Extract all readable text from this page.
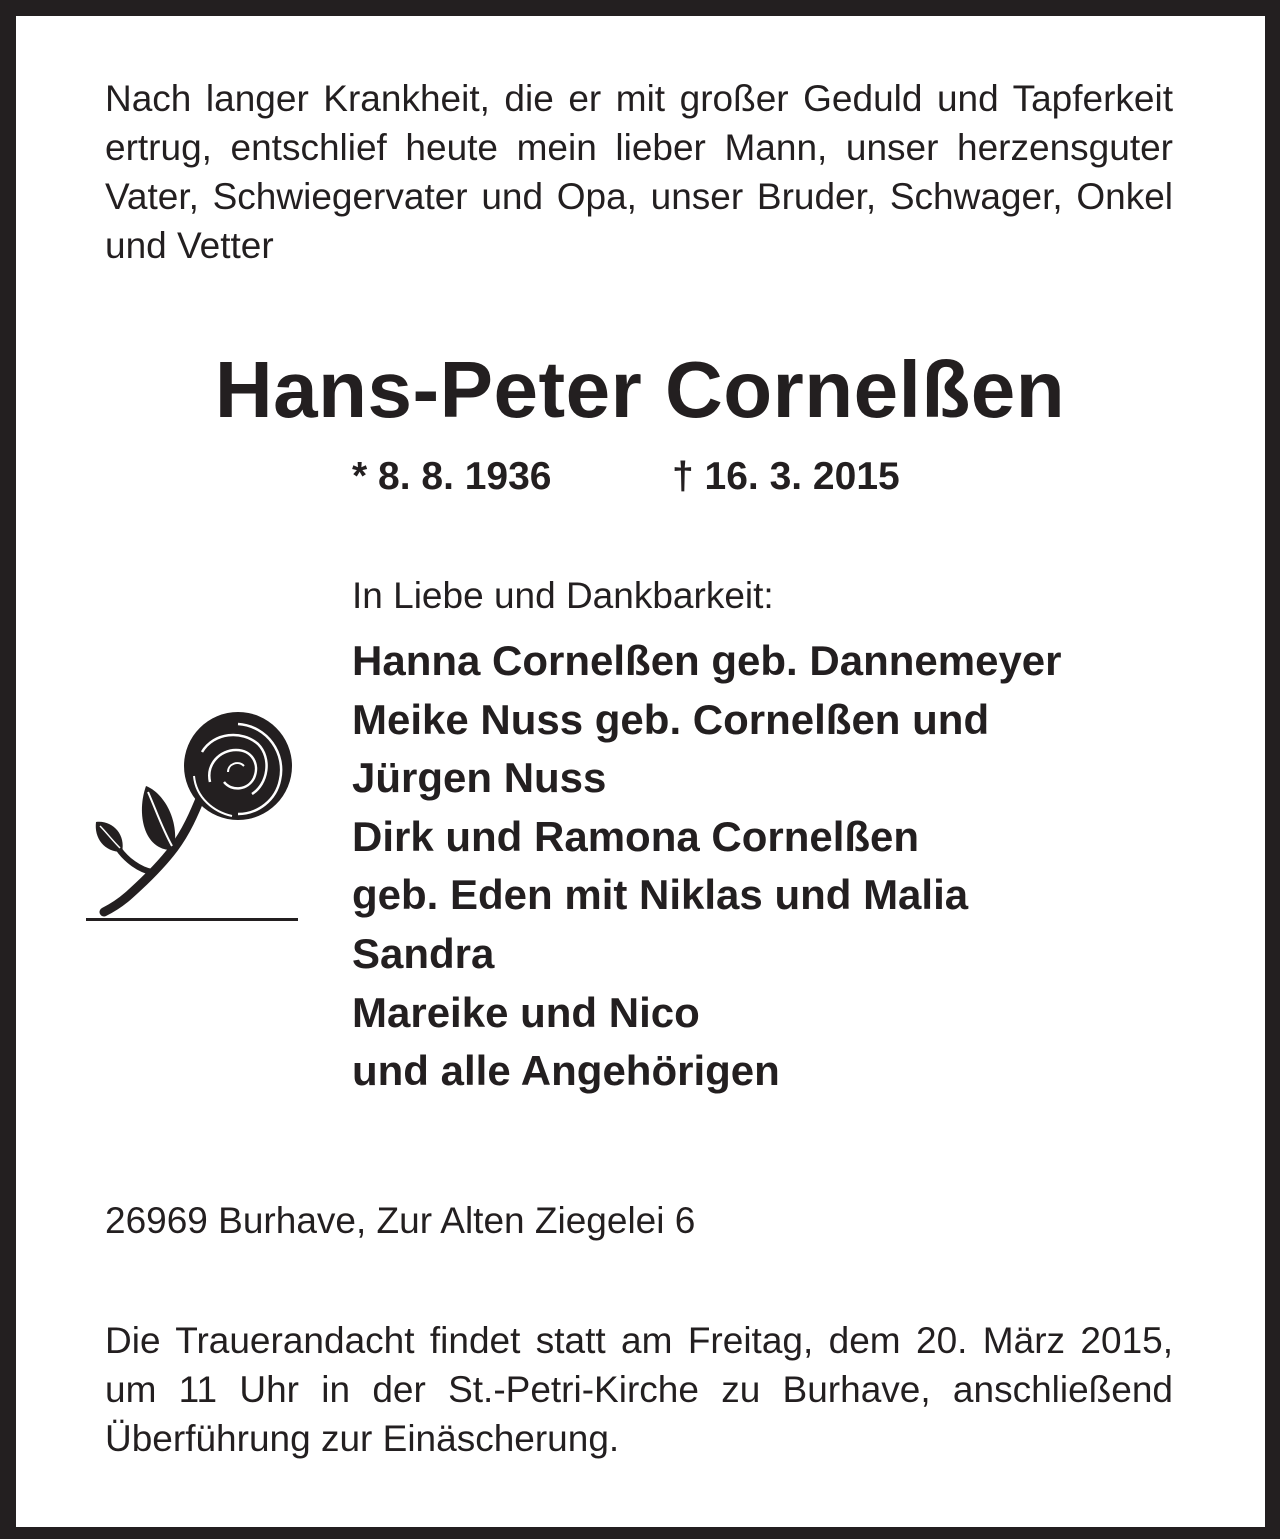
Nach langer Krankheit, die er mit großer Geduld und Tapferkeit ertrug, entschlief heute mein lieber Mann, unser herzensguter Vater, Schwiegervater und Opa, unser Bruder, Schwager, Onkel und Vetter

Hans-Peter Cornelßen

* 8. 8. 1936	† 16. 3. 2015

In Liebe und Dankbarkeit:

Hanna Cornelßen geb. Dannemeyer
Meike Nuss geb. Cornelßen und
Jürgen Nuss
Dirk und Ramona Cornelßen
geb. Eden mit Niklas und Malia
Sandra
Mareike und Nico
und alle Angehörigen

26969 Burhave, Zur Alten Ziegelei 6

Die Trauerandacht findet statt am Freitag, dem 20. März 2015, um 11 Uhr in der St.-Petri-Kirche zu Burhave, anschließend Überführung zur Einäscherung.
